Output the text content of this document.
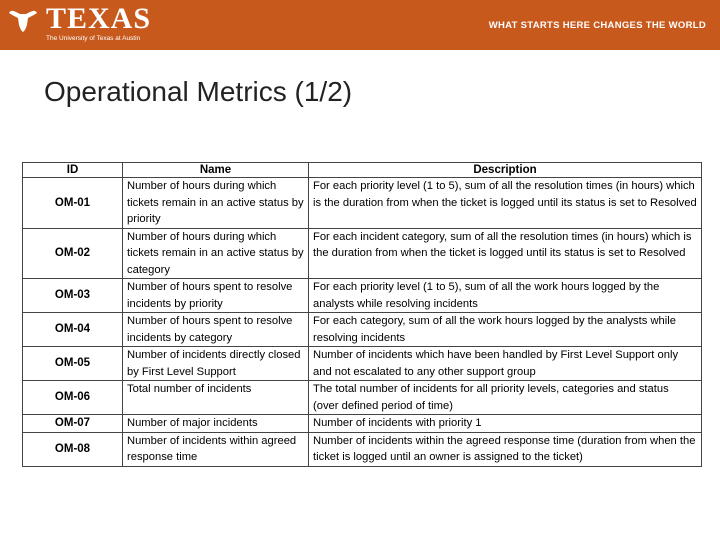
TEXAS
The University of Texas at Austin
WHAT STARTS HERE CHANGES THE WORLD
Operational Metrics (1/2)
ID	Name	Description
OM-01	Number of hours during which tickets remain in an active status by priority	For each priority level (1 to 5), sum of all the resolution times (in hours) which is the duration from when the ticket is logged until its status is set to Resolved
OM-02	Number of hours during which tickets remain in an active status by category	For each incident category, sum of all the resolution times (in hours) which is the duration from when the ticket is logged until its status is set to Resolved
OM-03	Number of hours spent to resolve incidents by priority	For each priority level (1 to 5), sum of all the work hours logged by the analysts while resolving incidents
OM-04	Number of hours spent to resolve incidents by category	For each category, sum of all the work hours logged by the analysts while resolving incidents
OM-05	Number of incidents directly closed by First Level Support	Number of incidents which have been handled by First Level Support only and not escalated to any other support group
OM-06	Total number of incidents	The total number of incidents for all priority levels, categories and status (over defined period of time)
OM-07	Number of major incidents	Number of incidents with priority 1
OM-08	Number of incidents within agreed response time	Number of incidents within the agreed response time (duration from when the ticket is logged until an owner is assigned to the ticket)
